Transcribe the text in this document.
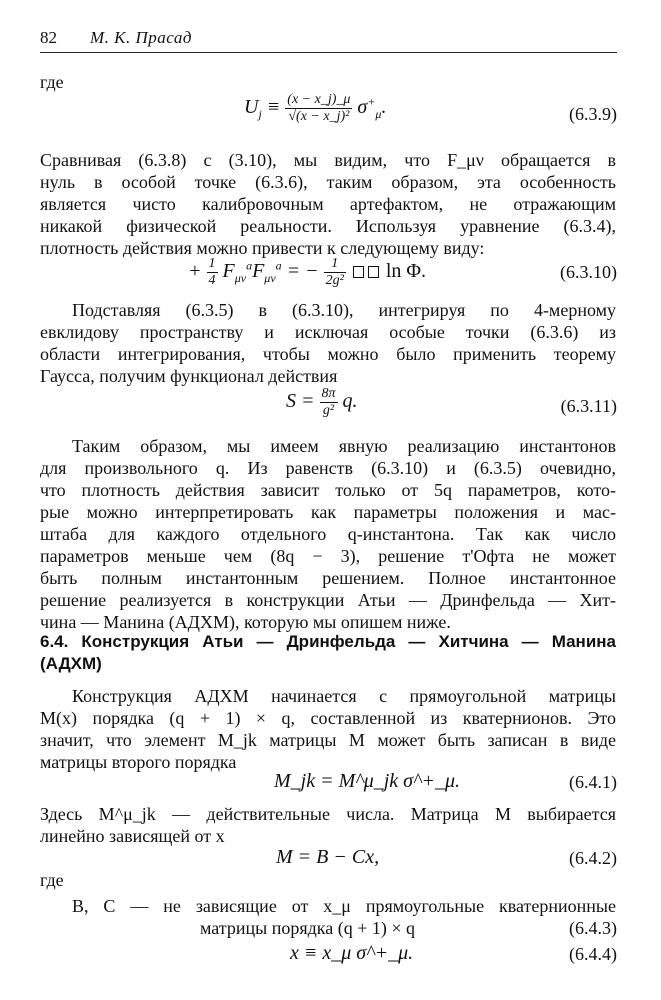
82 М. К. Прасад
где
$U_j \equiv \frac{(x - x\_j)\_\mu}{\text{√(x − x\_j)²}} \sigma^+_\mu$.	(6.3.9)
Сравнивая (6.3.8) с (3.10), мы видим, что F_μν обращается в
нуль в особой точке (6.3.6), таким образом, эта особенность
является чисто калибровочным артефактом, не отражающим
никакой физической реальности. Используя уравнение (6.3.4),
плотность действия можно привести к следующему виду:
+ $\frac{1}{4} F_{\mu\nu}^aF_{\mu\nu}^a$ = − $\frac{1}{\text{2g²}}$ ln Φ.	(6.3.10)
Подставляя (6.3.5) в (6.3.10), интегрируя по 4-мерному
евклидову пространству и исключая особые точки (6.3.6) из
области интегрирования, чтобы можно было применить теорему
Гаусса, получим функционал действия
$S = \frac{8\pi}{\text{g²}} q$.	(6.3.11)
Таким образом, мы имеем явную реализацию инстантонов
для произвольного q. Из равенств (6.3.10) и (6.3.5) очевидно,
что плотность действия зависит только от 5q параметров, кото-
рые можно интерпретировать как параметры положения и мас-
штаба для каждого отдельного q-инстантона. Так как число
параметров меньше чем (8q − 3), решение т'Офта не может
быть полным инстантонным решением. Полное инстантонное
решение реализуется в конструкции Атьи — Дринфельда — Хит-
чина — Манина (АДХМ), которую мы опишем ниже.
6.4. Конструкция Атьи — Дринфельда — Хитчина — Манина
(АДХМ)
Конструкция АДХМ начинается с прямоугольной матрицы
M(x) порядка (q + 1) × q, составленной из кватернионов. Это
значит, что элемент M_jk матрицы M может быть записан в виде
матрицы второго порядка
M_jk = M^μ_jk σ^+_μ.	(6.4.1)
Здесь M^μ_jk — действительные числа. Матрица M выбирается
линейно зависящей от x
M = B − Cx,	(6.4.2)
где
B, C — не зависящие от x_μ прямоугольные кватернионные
матрицы порядка (q + 1) × q	(6.4.3)
x ≡ x_μ σ^+_μ.	(6.4.4)
